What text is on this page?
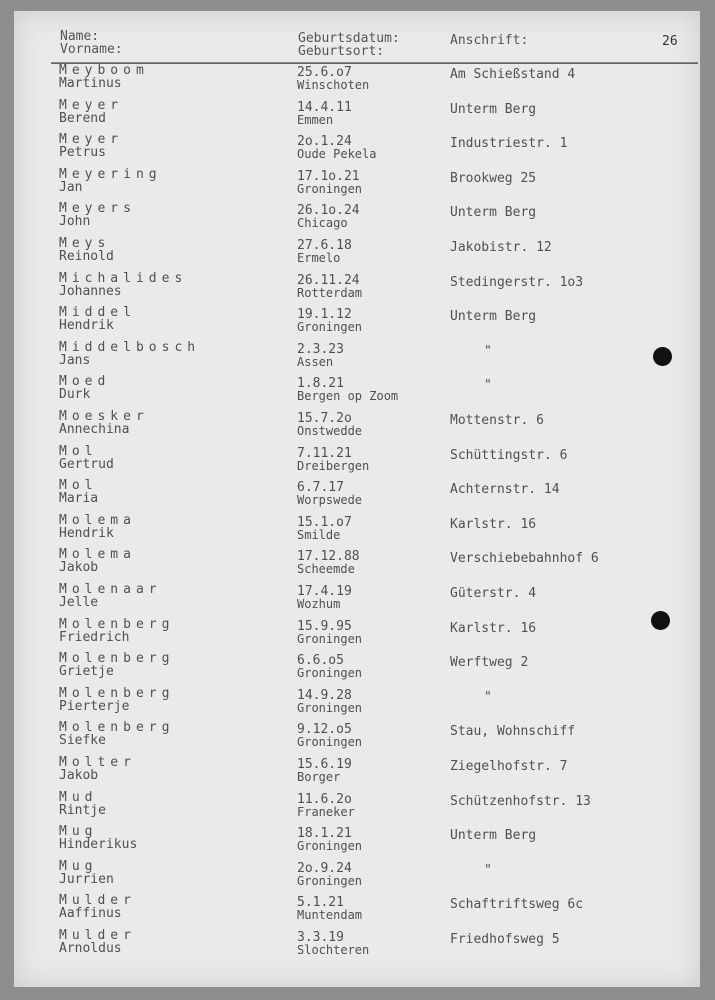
Name:
Vorname:
Geburtsdatum:
Geburtsort:
Anschrift:	26
Meyboom
Martinus
25.6.o7
Winschoten
Am Schießstand 4
Meyer
Berend
14.4.11
Emmen
Unterm Berg
Meyer
Petrus
2o.1.24
Oude Pekela
Industriestr. 1
Meyering
Jan
17.1o.21
Groningen
Brookweg 25
Meyers
John
26.1o.24
Chicago
Unterm Berg
Meys
Reinold
27.6.18
Ermelo
Jakobistr. 12
Michalides
Johannes
26.11.24
Rotterdam
Stedingerstr. 1o3
Middel
Hendrik
19.1.12
Groningen
Unterm Berg
Middelbosch
Jans
2.3.23
Assen
"
Moed
Durk
1.8.21
Bergen op Zoom
"
Moesker
Annechina
15.7.2o
Onstwedde
Mottenstr. 6
Mol
Gertrud
7.11.21
Dreibergen
Schüttingstr. 6
Mol
Maria
6.7.17
Worpswede
Achternstr. 14
Molema
Hendrik
15.1.o7
Smilde
Karlstr. 16
Molema
Jakob
17.12.88
Scheemde
Verschiebebahnhof 6
Molenaar
Jelle
17.4.19
Wozhum
Güterstr. 4
Molenberg
Friedrich
15.9.95
Groningen
Karlstr. 16
Molenberg
Grietje
6.6.o5
Groningen
Werftweg 2
Molenberg
Pierterje
14.9.28
Groningen
"
Molenberg
Siefke
9.12.o5
Groningen
Stau, Wohnschiff
Molter
Jakob
15.6.19
Borger
Ziegelhofstr. 7
Mud
Rintje
11.6.2o
Franeker
Schützenhofstr. 13
Mug
Hinderikus
18.1.21
Groningen
Unterm Berg
Mug
Jurrien
2o.9.24
Groningen
"
Mulder
Aaffinus
5.1.21
Muntendam
Schaftriftsweg 6c
Mulder
Arnoldus
3.3.19
Slochteren
Friedhofsweg 5
